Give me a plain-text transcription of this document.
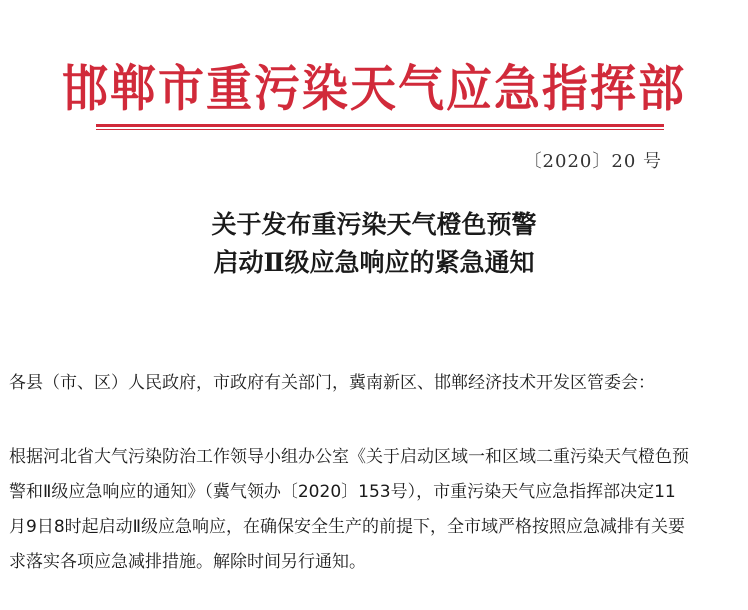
邯郸市重污染天气应急指挥部
〔2020〕20 号
关于发布重污染天气橙色预警
启动Ⅱ级应急响应的紧急通知
各县（市、区）人民政府，市政府有关部门，冀南新区、邯郸经济技术开发区管委会：
根据河北省大气污染防治工作领导小组办公室《关于启动区域一和区域二重污染天气橙色预
警和Ⅱ级应急响应的通知》（冀气领办〔2020〕153号），市重污染天气应急指挥部决定11
月9日8时起启动Ⅱ级应急响应，在确保安全生产的前提下，全市域严格按照应急减排有关要
求落实各项应急减排措施。解除时间另行通知。
